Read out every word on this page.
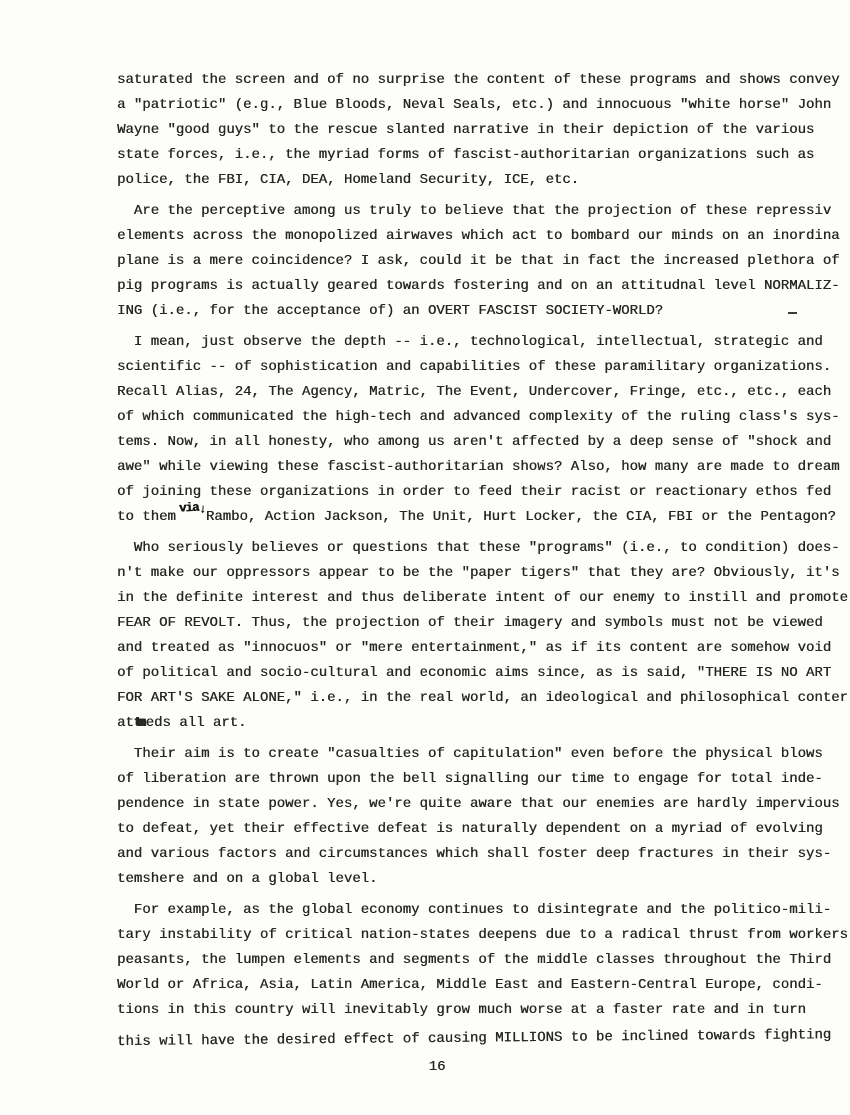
saturated the screen and of no surprise the content of these programs and shows convey
a "patriotic" (e.g., Blue Bloods, Neval Seals, etc.) and innocuous "white horse" John
Wayne "good guys" to the rescue slanted narrative in their depiction of the various
state forces, i.e., the myriad forms of fascist-authoritarian organizations such as
police, the FBI, CIA, DEA, Homeland Security, ICE, etc.
Are the perceptive among us truly to believe that the projection of these repressiv
elements across the monopolized airwaves which act to bombard our minds on an inordina
plane is a mere coincidence? I ask, could it be that in fact the increased plethora of
pig programs is actually geared towards fostering and on an attitudnal level NORMALIZ-
ING (i.e., for the acceptance of) an OVERT FASCIST SOCIETY-WORLD?
I mean, just observe the depth -- i.e., technological, intellectual, strategic and
scientific -- of sophistication and capabilities of these paramilitary organizations.
Recall Alias, 24, The Agency, Matric, The Event, Undercover, Fringe, etc., etc., each
of which communicated the high-tech and advanced complexity of the ruling class's sys-
tems. Now, in all honesty, who among us aren't affected by a deep sense of "shock and
awe" while viewing these fascist-authoritarian shows? Also, how many are made to dream
of joining these organizations in order to feed their racist or reactionary ethos fed
to themvia↓Rambo, Action Jackson, The Unit, Hurt Locker, the CIA, FBI or the Pentagon?
Who seriously believes or questions that these "programs" (i.e., to condition) does-
n't make our oppressors appear to be the "paper tigers" that they are? Obviously, it's
in the definite interest and thus deliberate intent of our enemy to instill and promote
FEAR OF REVOLT. Thus, the projection of their imagery and symbols must not be viewed
and treated as "innocuos" or "mere entertainment," as if its content are somehow void
of political and socio-cultural and economic aims since, as is said, "THERE IS NO ART
FOR ART'S SAKE ALONE," i.e., in the real world, an ideological and philosophical conter
attm eds all art.
Their aim is to create "casualties of capitulation" even before the physical blows
of liberation are thrown upon the bell signalling our time to engage for total inde-
pendence in state power. Yes, we're quite aware that our enemies are hardly impervious
to defeat, yet their effective defeat is naturally dependent on a myriad of evolving
and various factors and circumstances which shall foster deep fractures in their sys-
temshere and on a global level.
For example, as the global economy continues to disintegrate and the politico-mili-
tary instability of critical nation-states deepens due to a radical thrust from workers
peasants, the lumpen elements and segments of the middle classes throughout the Third
World or Africa, Asia, Latin America, Middle East and Eastern-Central Europe, condi-
tions in this country will inevitably grow much worse at a faster rate and in turn
this will have the desired effect of causing MILLIONS to be inclined towards fighting
16
